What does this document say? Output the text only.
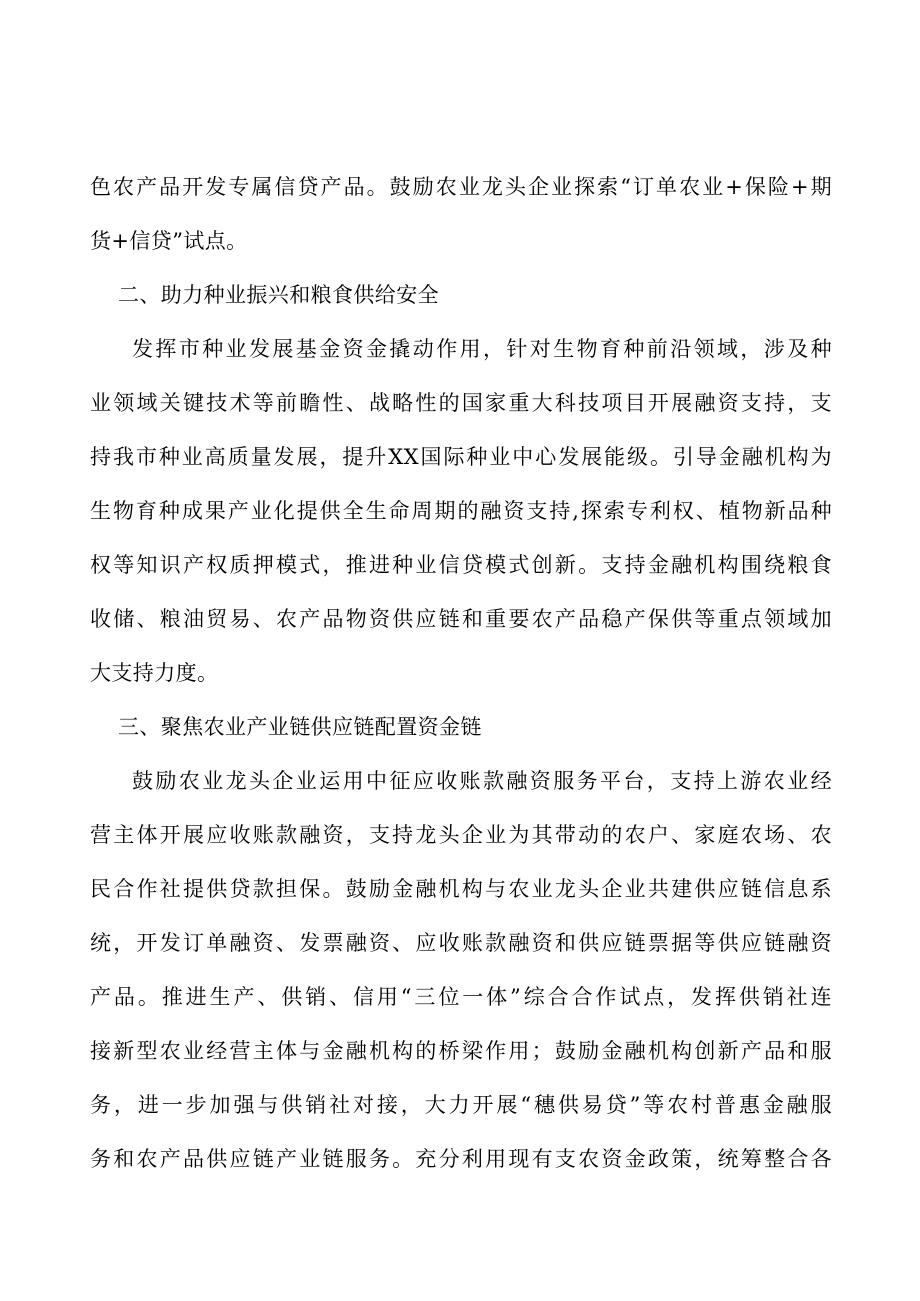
色农产品开发专属信贷产品。鼓励农业龙头企业探索“订单农业+保险+期
货+信贷”试点。
二、助力种业振兴和粮食供给安全
发挥市种业发展基金资金撬动作用，针对生物育种前沿领域，涉及种
业领域关键技术等前瞻性、战略性的国家重大科技项目开展融资支持，支
持我市种业高质量发展，提升XX国际种业中心发展能级。引导金融机构为
生物育种成果产业化提供全生命周期的融资支持,探索专利权、植物新品种
权等知识产权质押模式，推进种业信贷模式创新。支持金融机构围绕粮食
收储、粮油贸易、农产品物资供应链和重要农产品稳产保供等重点领域加
大支持力度。
三、聚焦农业产业链供应链配置资金链
鼓励农业龙头企业运用中征应收账款融资服务平台，支持上游农业经
营主体开展应收账款融资，支持龙头企业为其带动的农户、家庭农场、农
民合作社提供贷款担保。鼓励金融机构与农业龙头企业共建供应链信息系
统，开发订单融资、发票融资、应收账款融资和供应链票据等供应链融资
产品。推进生产、供销、信用“三位一体”综合合作试点，发挥供销社连
接新型农业经营主体与金融机构的桥梁作用；鼓励金融机构创新产品和服
务，进一步加强与供销社对接，大力开展“穗供易贷”等农村普惠金融服
务和农产品供应链产业链服务。充分利用现有支农资金政策，统筹整合各
